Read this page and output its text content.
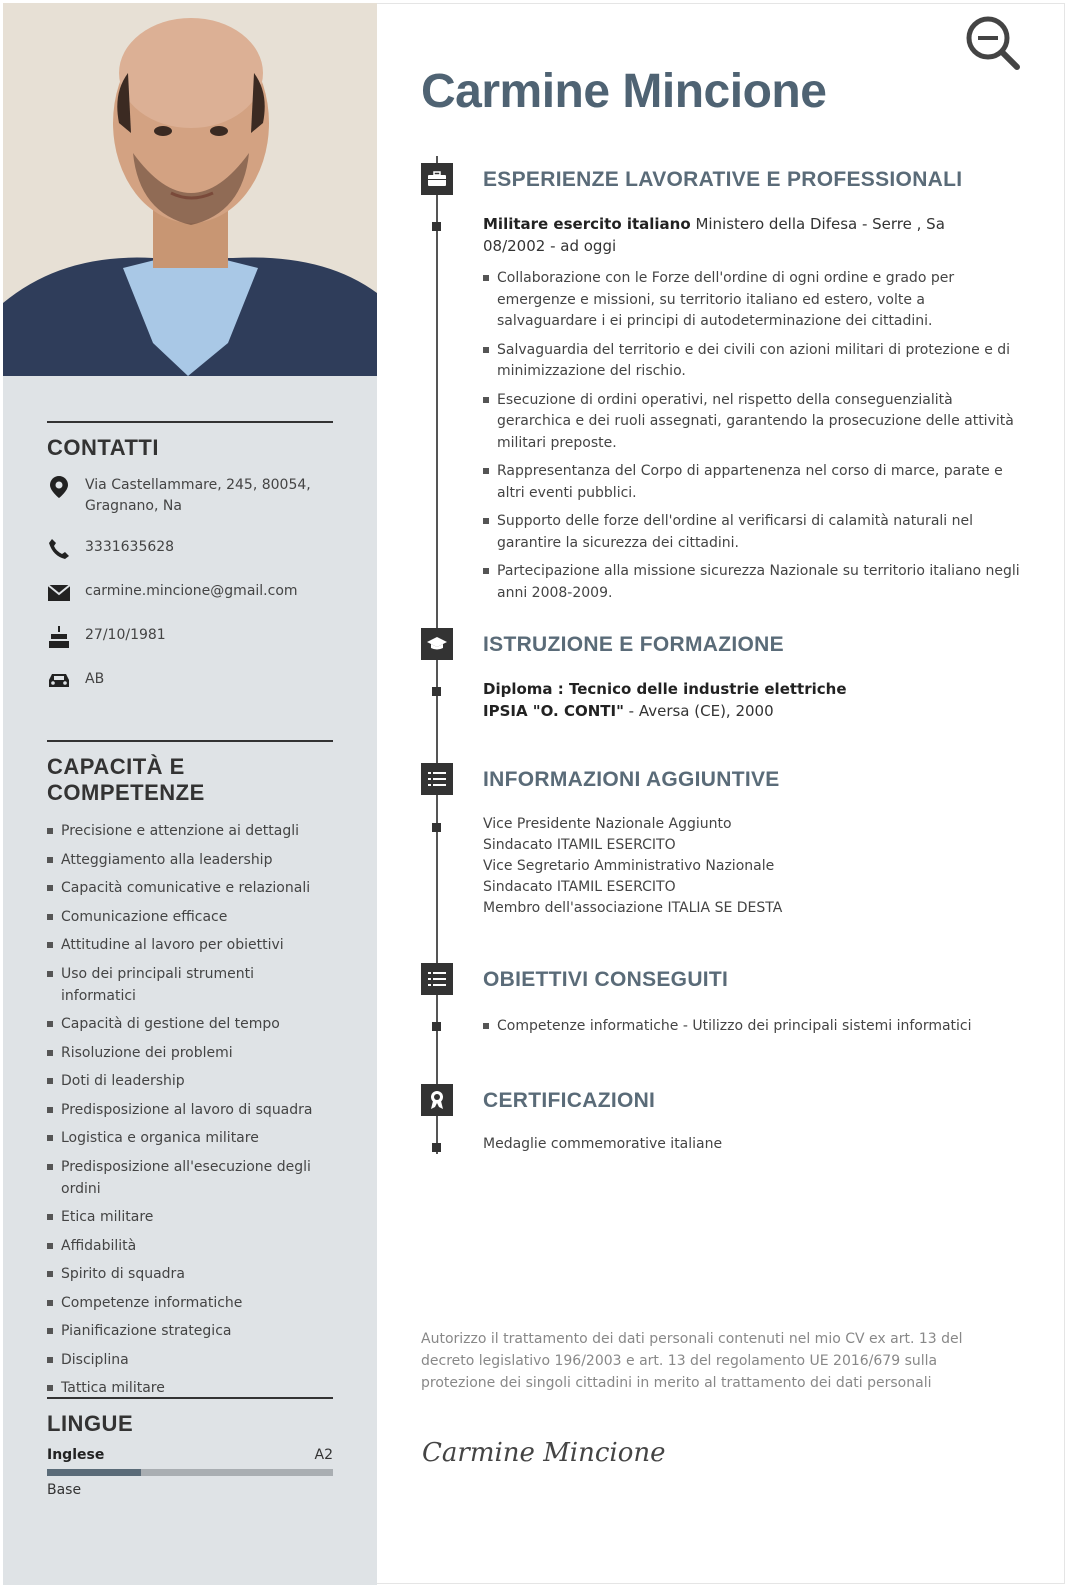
CONTATTI
Via Castellammare, 245, 80054,
Gragnano, Na
3331635628
carmine.mincione@gmail.com
27/10/1981
AB
CAPACITÀ E COMPETENZE
Precisione e attenzione ai dettagli
Atteggiamento alla leadership
Capacità comunicative e relazionali
Comunicazione efficace
Attitudine al lavoro per obiettivi
Uso dei principali strumenti informatici
Capacità di gestione del tempo
Risoluzione dei problemi
Doti di leadership
Predisposizione al lavoro di squadra
Logistica e organica militare
Predisposizione all'esecuzione degli ordini
Etica militare
Affidabilità
Spirito di squadra
Competenze informatiche
Pianificazione strategica
Disciplina
Tattica militare
LINGUE
Inglese	A2
Base
Carmine Mincione
ESPERIENZE LAVORATIVE E PROFESSIONALI
Militare esercito italiano Ministero della Difesa - Serre , Sa
08/2002 - ad oggi
Collaborazione con le Forze dell'ordine di ogni ordine e grado per emergenze e missioni, su territorio italiano ed estero, volte a salvaguardare i ei principi di autodeterminazione dei cittadini.
Salvaguardia del territorio e dei civili con azioni militari di protezione e di minimizzazione del rischio.
Esecuzione di ordini operativi, nel rispetto della conseguenzialità gerarchica e dei ruoli assegnati, garantendo la prosecuzione delle attività militari preposte.
Rappresentanza del Corpo di appartenenza nel corso di marce, parate e altri eventi pubblici.
Supporto delle forze dell'ordine al verificarsi di calamità naturali nel garantire la sicurezza dei cittadini.
Partecipazione alla missione sicurezza Nazionale su territorio italiano negli anni 2008-2009.
ISTRUZIONE E FORMAZIONE
Diploma : Tecnico delle industrie elettriche
IPSIA "O. CONTI" - Aversa (CE), 2000
INFORMAZIONI AGGIUNTIVE
Vice Presidente Nazionale Aggiunto
Sindacato ITAMIL ESERCITO
Vice Segretario Amministrativo Nazionale
Sindacato ITAMIL ESERCITO
Membro dell'associazione ITALIA SE DESTA
OBIETTIVI CONSEGUITI
Competenze informatiche - Utilizzo dei principali sistemi informatici
CERTIFICAZIONI
Medaglie commemorative italiane
Autorizzo il trattamento dei dati personali contenuti nel mio CV ex art. 13 del decreto legislativo 196/2003 e art. 13 del regolamento UE 2016/679 sulla protezione dei singoli cittadini in merito al trattamento dei dati personali
Carmine Mincione
